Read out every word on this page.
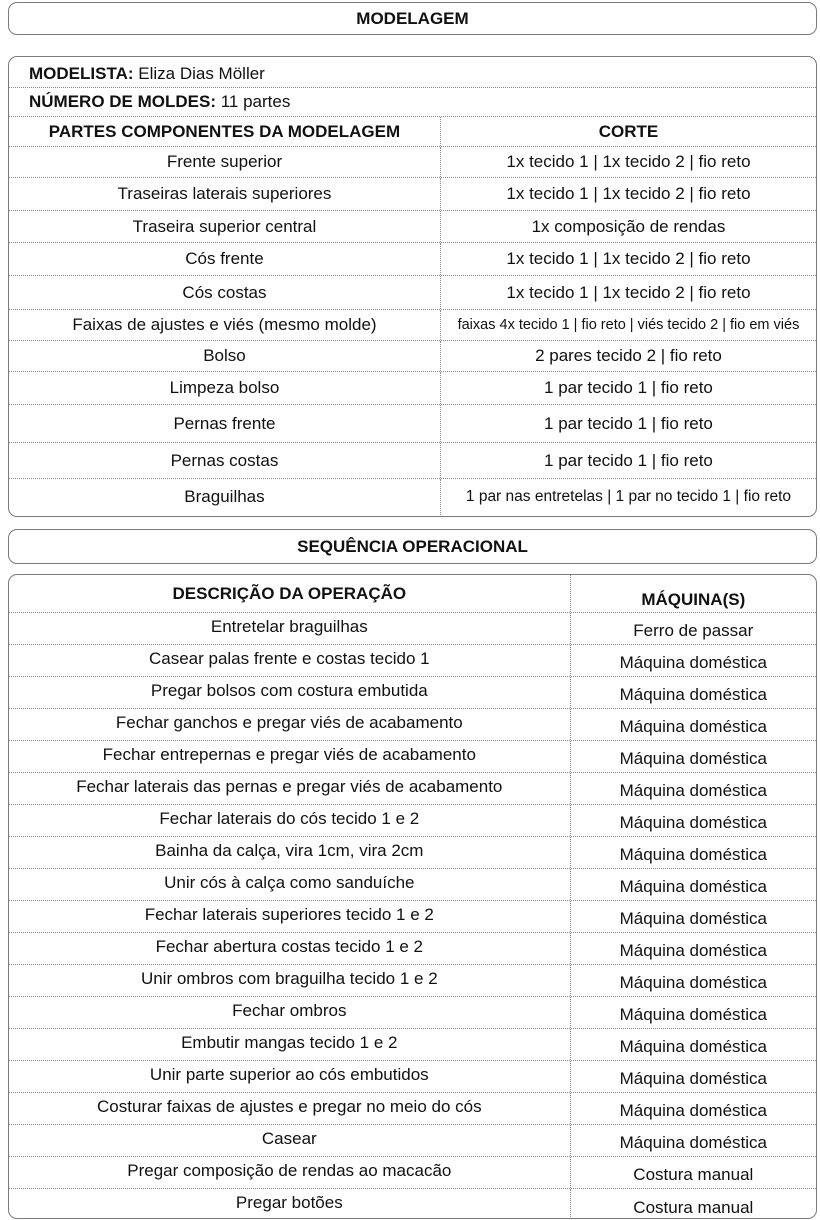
MODELAGEM
MODELISTA:
Eliza Dias Möller
NÚMERO DE MOLDES:
11 partes
PARTES COMPONENTES DA MODELAGEM	CORTE
Frente superior	1x tecido 1 | 1x tecido 2 | fio reto
Traseiras laterais superiores	1x tecido 1 | 1x tecido 2 | fio reto
Traseira superior central	1x composição de rendas
Cós frente	1x tecido 1 | 1x tecido 2 | fio reto
Cós costas	1x tecido 1 | 1x tecido 2 | fio reto
Faixas de ajustes e viés (mesmo molde)	faixas 4x tecido 1 | fio reto | viés tecido 2 | fio em viés
Bolso	2 pares tecido 2 | fio reto
Limpeza bolso	1 par tecido 1 | fio reto
Pernas frente	1 par tecido 1 | fio reto
Pernas costas	1 par tecido 1 | fio reto
Braguilhas	1 par nas entretelas | 1 par no tecido 1 | fio reto
SEQUÊNCIA OPERACIONAL
DESCRIÇÃO DA OPERAÇÃO	MÁQUINA(S)
Entretelar braguilhas	Ferro de passar
Casear palas frente e costas tecido 1	Máquina doméstica
Pregar bolsos com costura embutida	Máquina doméstica
Fechar ganchos e pregar viés de acabamento	Máquina doméstica
Fechar entrepernas e pregar viés de acabamento	Máquina doméstica
Fechar laterais das pernas e pregar viés de acabamento	Máquina doméstica
Fechar laterais do cós tecido 1 e 2	Máquina doméstica
Bainha da calça, vira 1cm, vira 2cm	Máquina doméstica
Unir cós à calça como sanduíche	Máquina doméstica
Fechar laterais superiores tecido 1 e 2	Máquina doméstica
Fechar abertura costas tecido 1 e 2	Máquina doméstica
Unir ombros com braguilha tecido 1 e 2	Máquina doméstica
Fechar ombros	Máquina doméstica
Embutir mangas tecido 1 e 2	Máquina doméstica
Unir parte superior ao cós embutidos	Máquina doméstica
Costurar faixas de ajustes e pregar no meio do cós	Máquina doméstica
Casear	Máquina doméstica
Pregar composição de rendas ao macacão	Costura manual
Pregar botões	Costura manual
